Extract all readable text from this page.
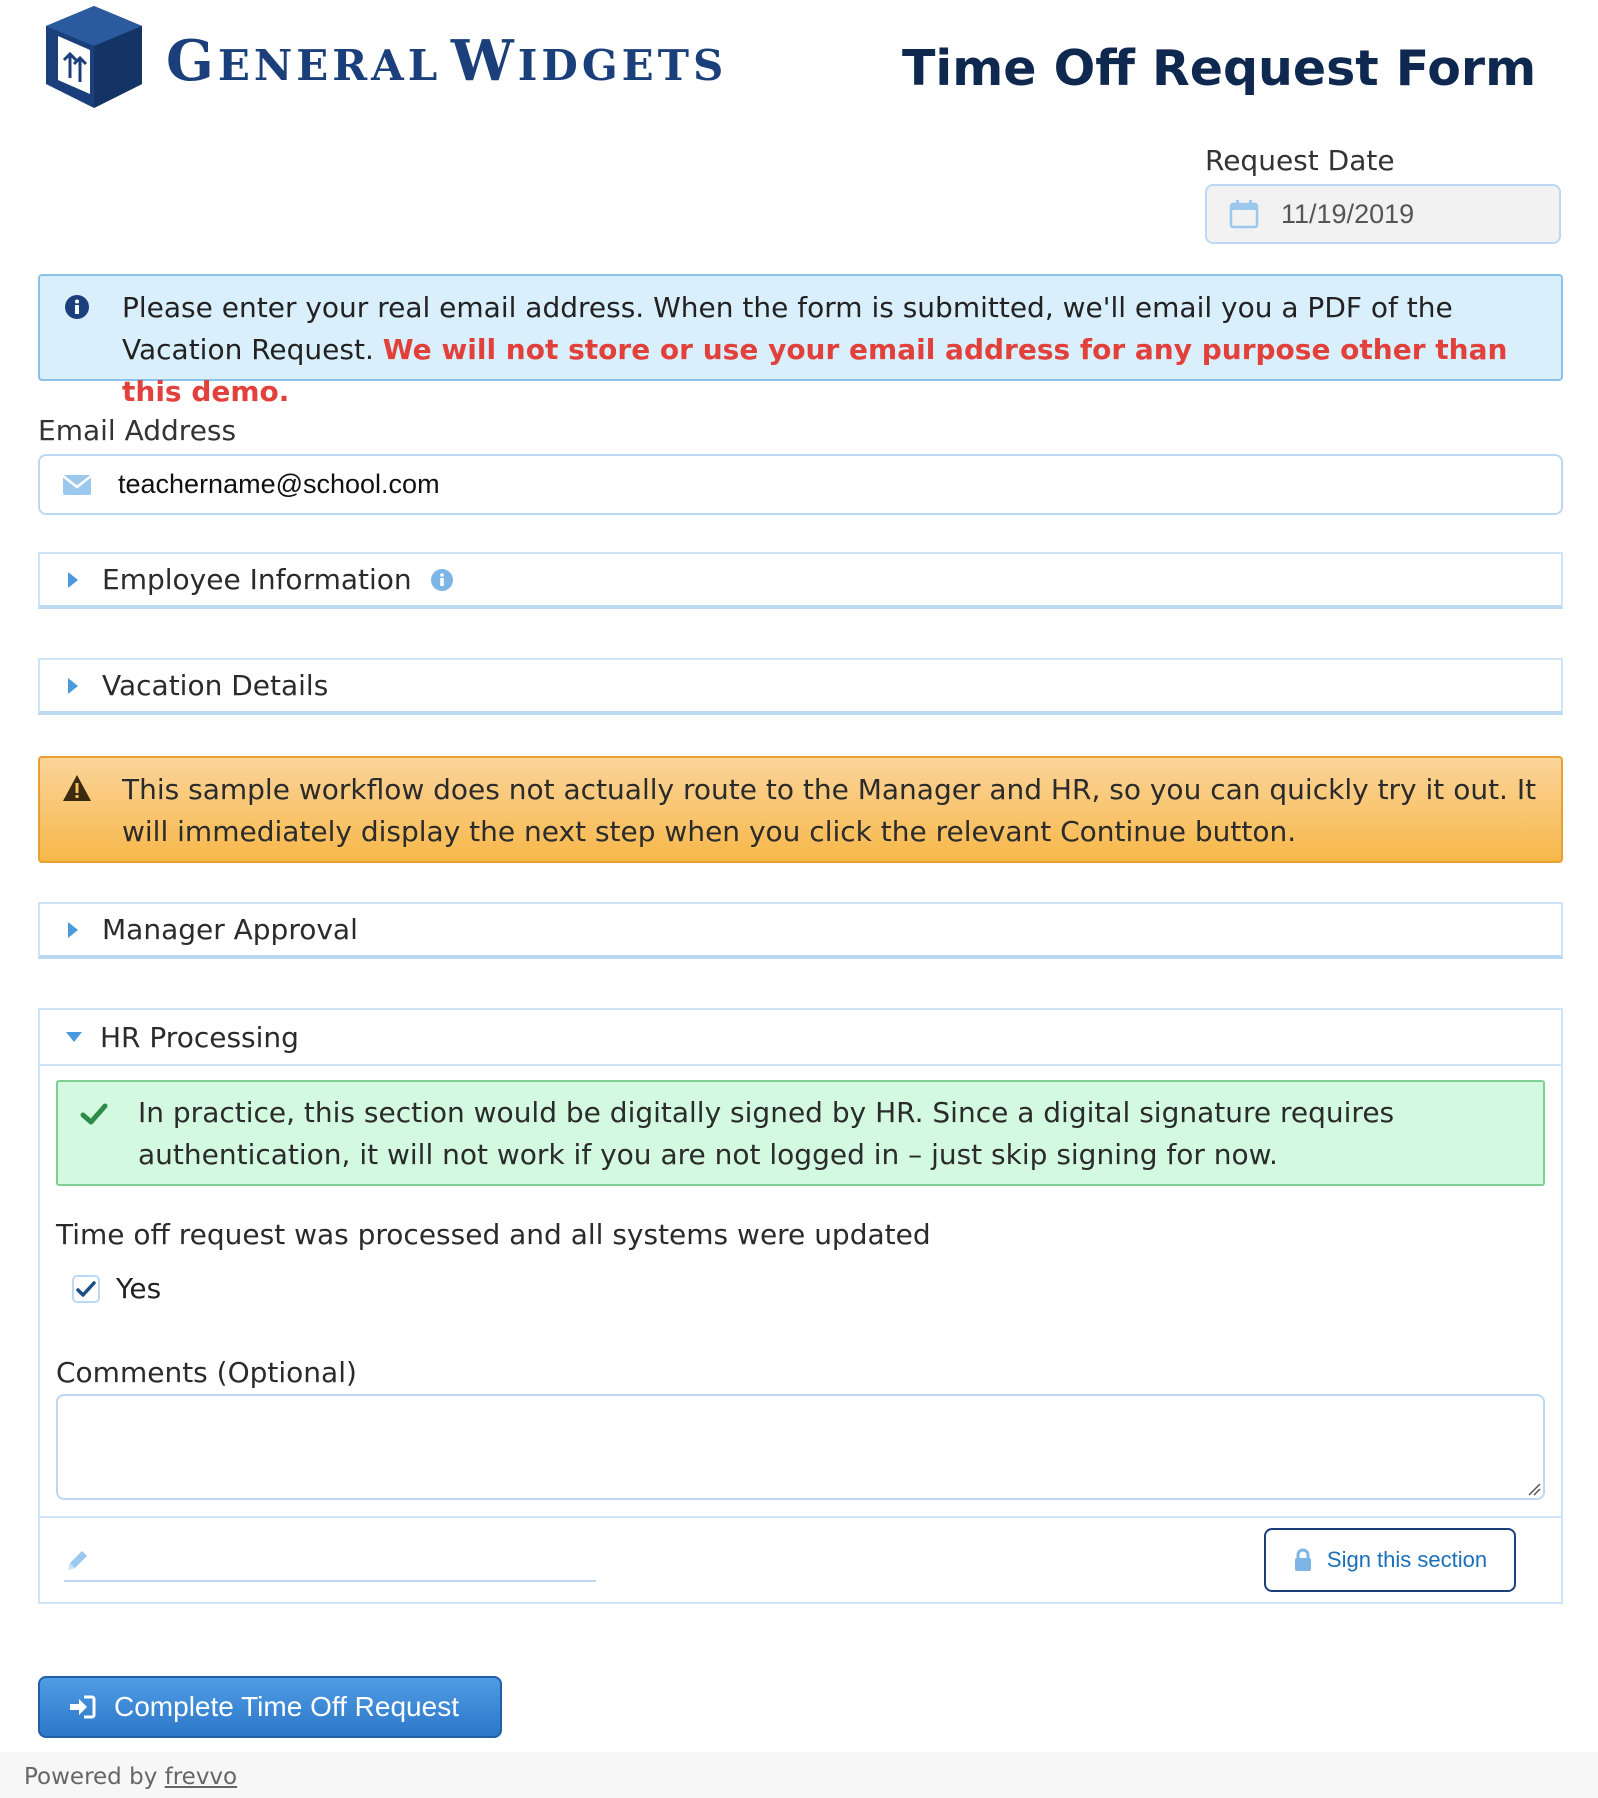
GENERAL WIDGETS	Time Off Request Form
Request Date
11/19/2019
Please enter your real email address. When the form is submitted, we'll email you a PDF of the Vacation Request. We will not store or use your email address for any purpose other than this demo.
Email Address
teachername@school.com
Employee Information
Vacation Details
This sample workflow does not actually route to the Manager and HR, so you can quickly try it out. It will immediately display the next step when you click the relevant Continue button.
Manager Approval
HR Processing
In practice, this section would be digitally signed by HR. Since a digital signature requires authentication, it will not work if you are not logged in – just skip signing for now.
Time off request was processed and all systems were updated
Yes
Comments (Optional)
Sign this section
Complete Time Off Request
Powered by frevvo
